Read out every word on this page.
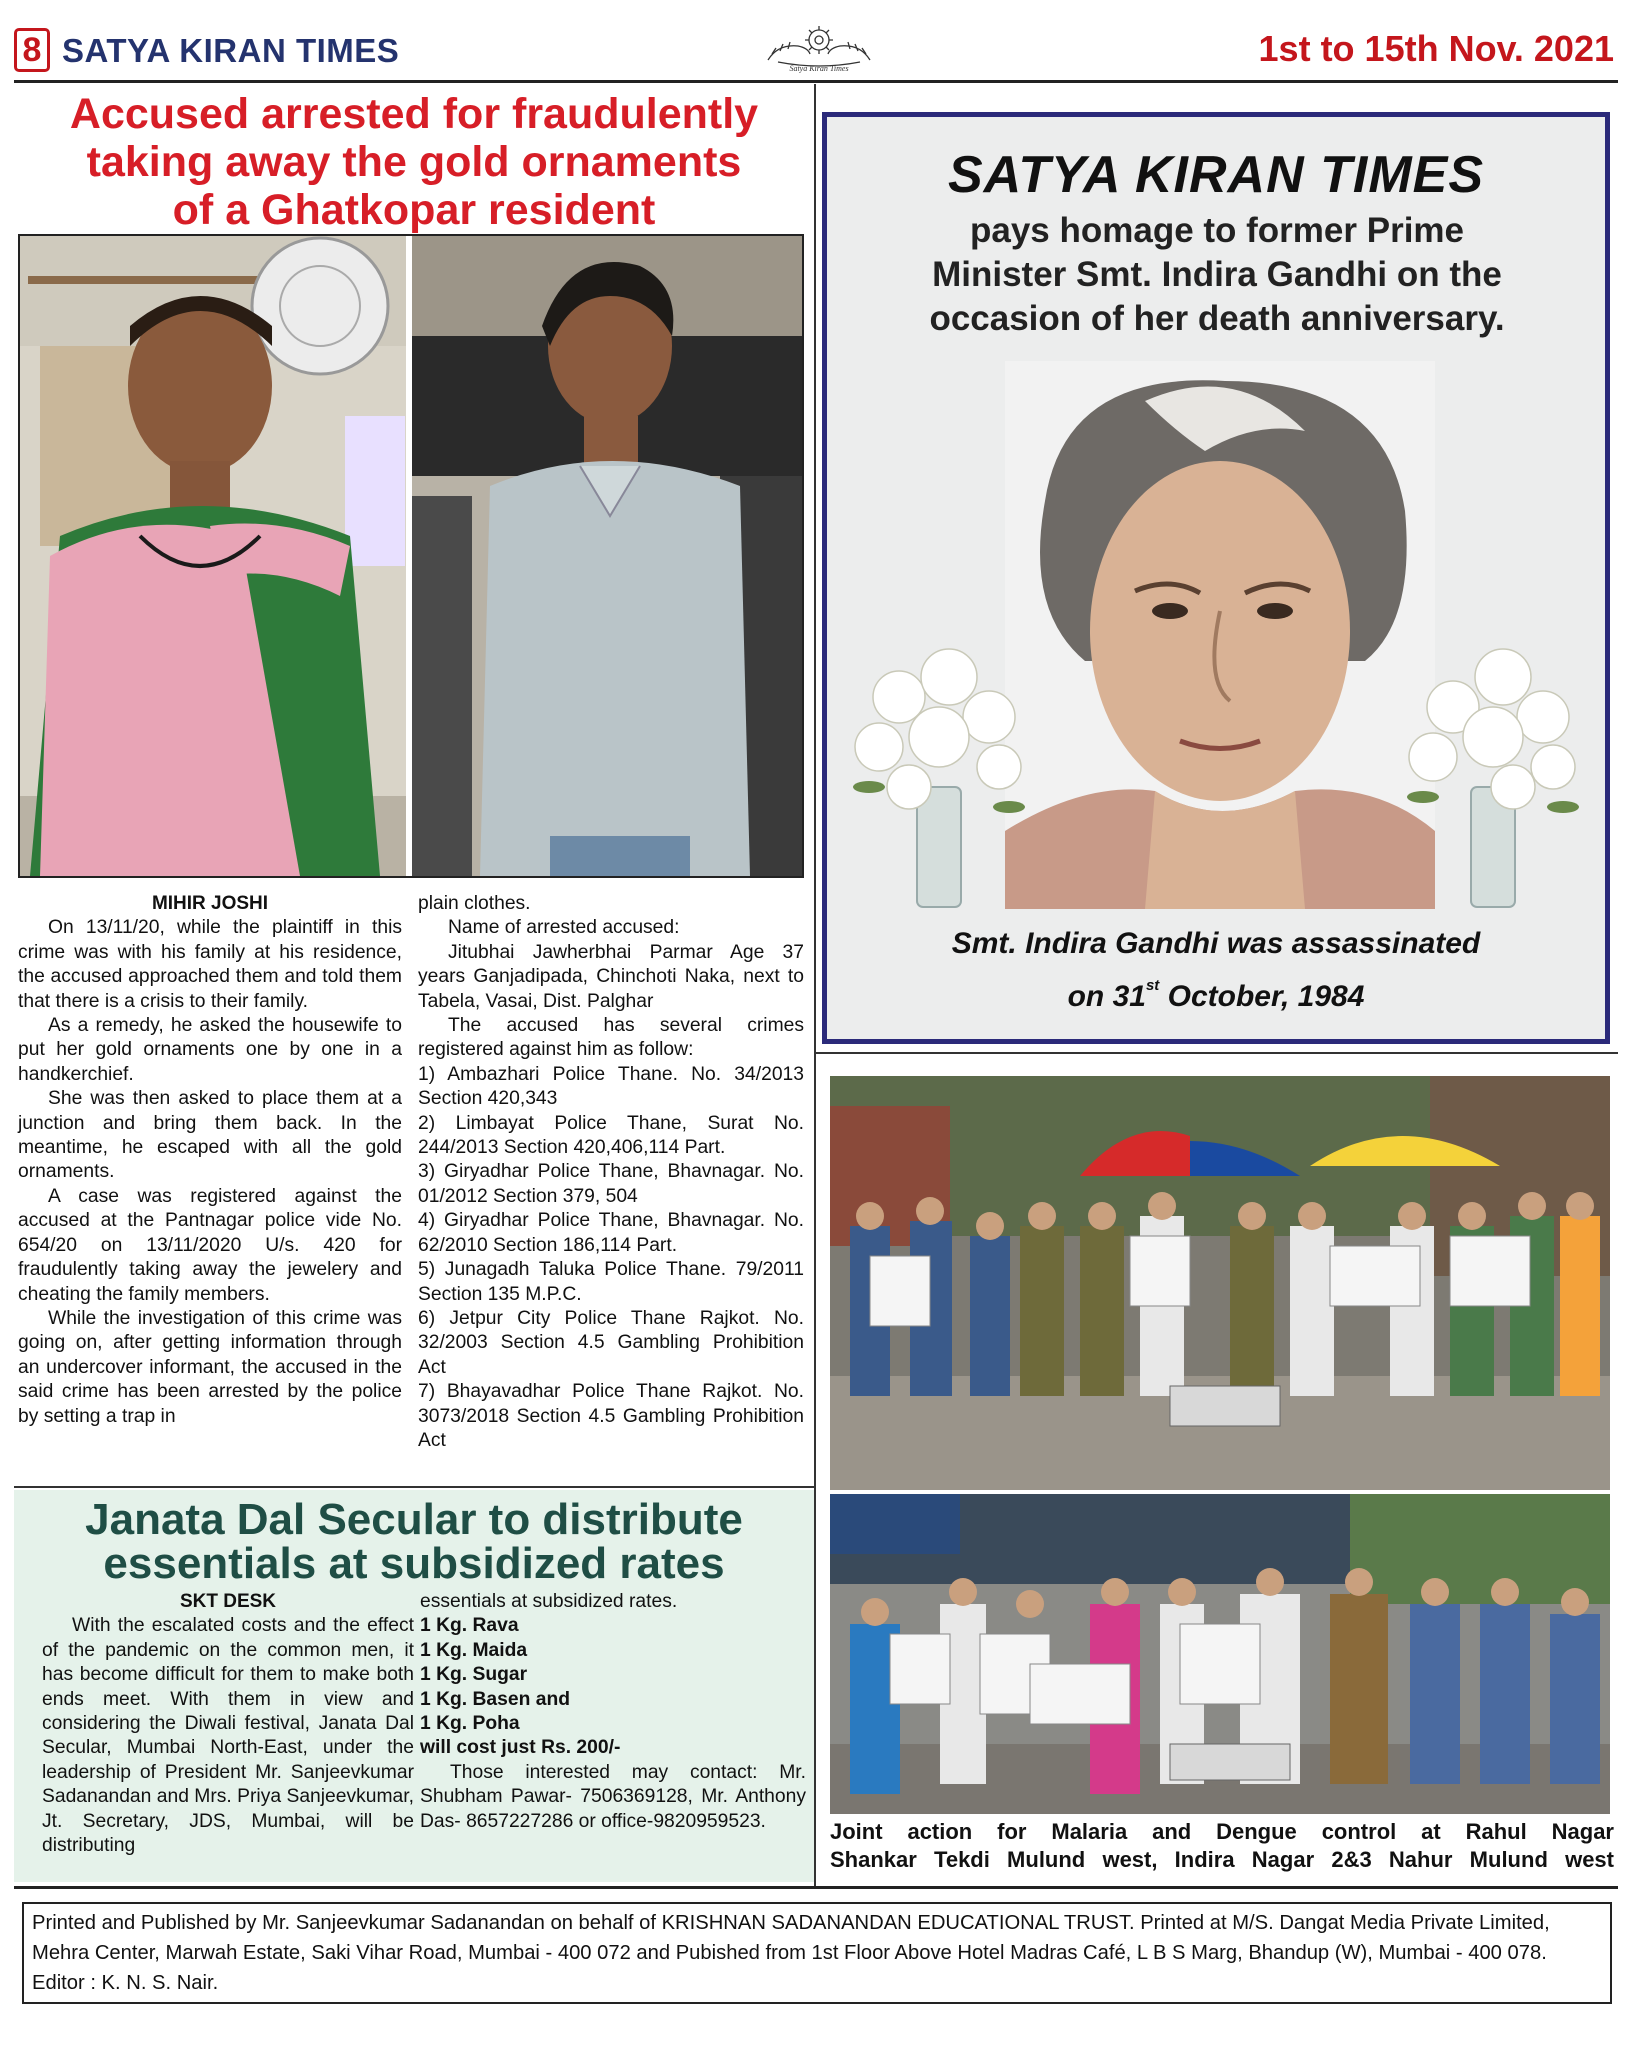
8 SATYA KIRAN TIMES	Satya Kiran Times	1st to 15th Nov. 2021
Accused arrested for fraudulently
taking away the gold ornaments
of a Ghatkopar resident
MIHIR JOSHI

On 13/11/20, while the plaintiff in this crime was with his family at his residence, the accused approached them and told them that there is a crisis to their family.

As a remedy, he asked the housewife to put her gold ornaments one by one in a handkerchief.

She was then asked to place them at a junction and bring them back. In the meantime, he escaped with all the gold ornaments.

A case was registered against the accused at the Pantnagar police vide No. 654/20 on 13/11/2020 U/s. 420 for fraudulently taking away the jewelery and cheating the family members.

While the investigation of this crime was going on, after getting information through an undercover informant, the accused in the said crime has been arrested by the police by setting a trap in

plain clothes.

Name of arrested accused:

Jitubhai Jawherbhai Parmar Age 37 years Ganjadipada, Chinchoti Naka, next to Tabela, Vasai, Dist. Palghar

The accused has several crimes registered against him as follow:

1) Ambazhari Police Thane. No. 34/2013 Section 420,343

2) Limbayat Police Thane, Surat No. 244/2013 Section 420,406,114 Part.

3) Giryadhar Police Thane, Bhavnagar. No. 01/2012 Section 379, 504

4) Giryadhar Police Thane, Bhavnagar. No. 62/2010 Section 186,114 Part.

5) Junagadh Taluka Police Thane. 79/2011 Section 135 M.P.C.

6) Jetpur City Police Thane Rajkot. No. 32/2003 Section 4.5 Gambling Prohibition Act

7) Bhayavadhar Police Thane Rajkot. No. 3073/2018 Section 4.5 Gambling Prohibition Act

SATYA KIRAN TIMES
pays homage to former Prime
Minister Smt. Indira Gandhi on the
occasion of her death anniversary.
Smt. Indira Gandhi was assassinated
on 31st October, 1984
Joint action for Malaria and Dengue control at Rahul Nagar
Shankar Tekdi Mulund west, Indira Nagar 2&3 Nahur Mulund west
Janata Dal Secular to distribute
essentials at subsidized rates
SKT DESK

With the escalated costs and the effect of the pandemic on the common men, it has become difficult for them to make both ends meet. With them in view and considering the Diwali festival, Janata Dal Secular, Mumbai North-East, under the leadership of President Mr. Sanjeevkumar Sadanandan and Mrs. Priya Sanjeevkumar, Jt. Secretary, JDS, Mumbai, will be distributing

essentials at subsidized rates.

1 Kg. Rava
1 Kg. Maida
1 Kg. Sugar
1 Kg. Basen and
1 Kg. Poha
will cost just Rs. 200/-

Those interested may contact: Mr. Shubham Pawar- 7506369128, Mr. Anthony Das- 8657227286 or office-9820959523.

Printed and Published by Mr. Sanjeevkumar Sadanandan on behalf of KRISHNAN SADANANDAN EDUCATIONAL TRUST. Printed at M/S. Dangat Media Private Limited, Mehra Center, Marwah Estate, Saki Vihar Road, Mumbai - 400 072 and Pubished from 1st Floor Above Hotel Madras Café, L B S Marg, Bhandup (W), Mumbai - 400 078. Editor : K. N. S. Nair.
